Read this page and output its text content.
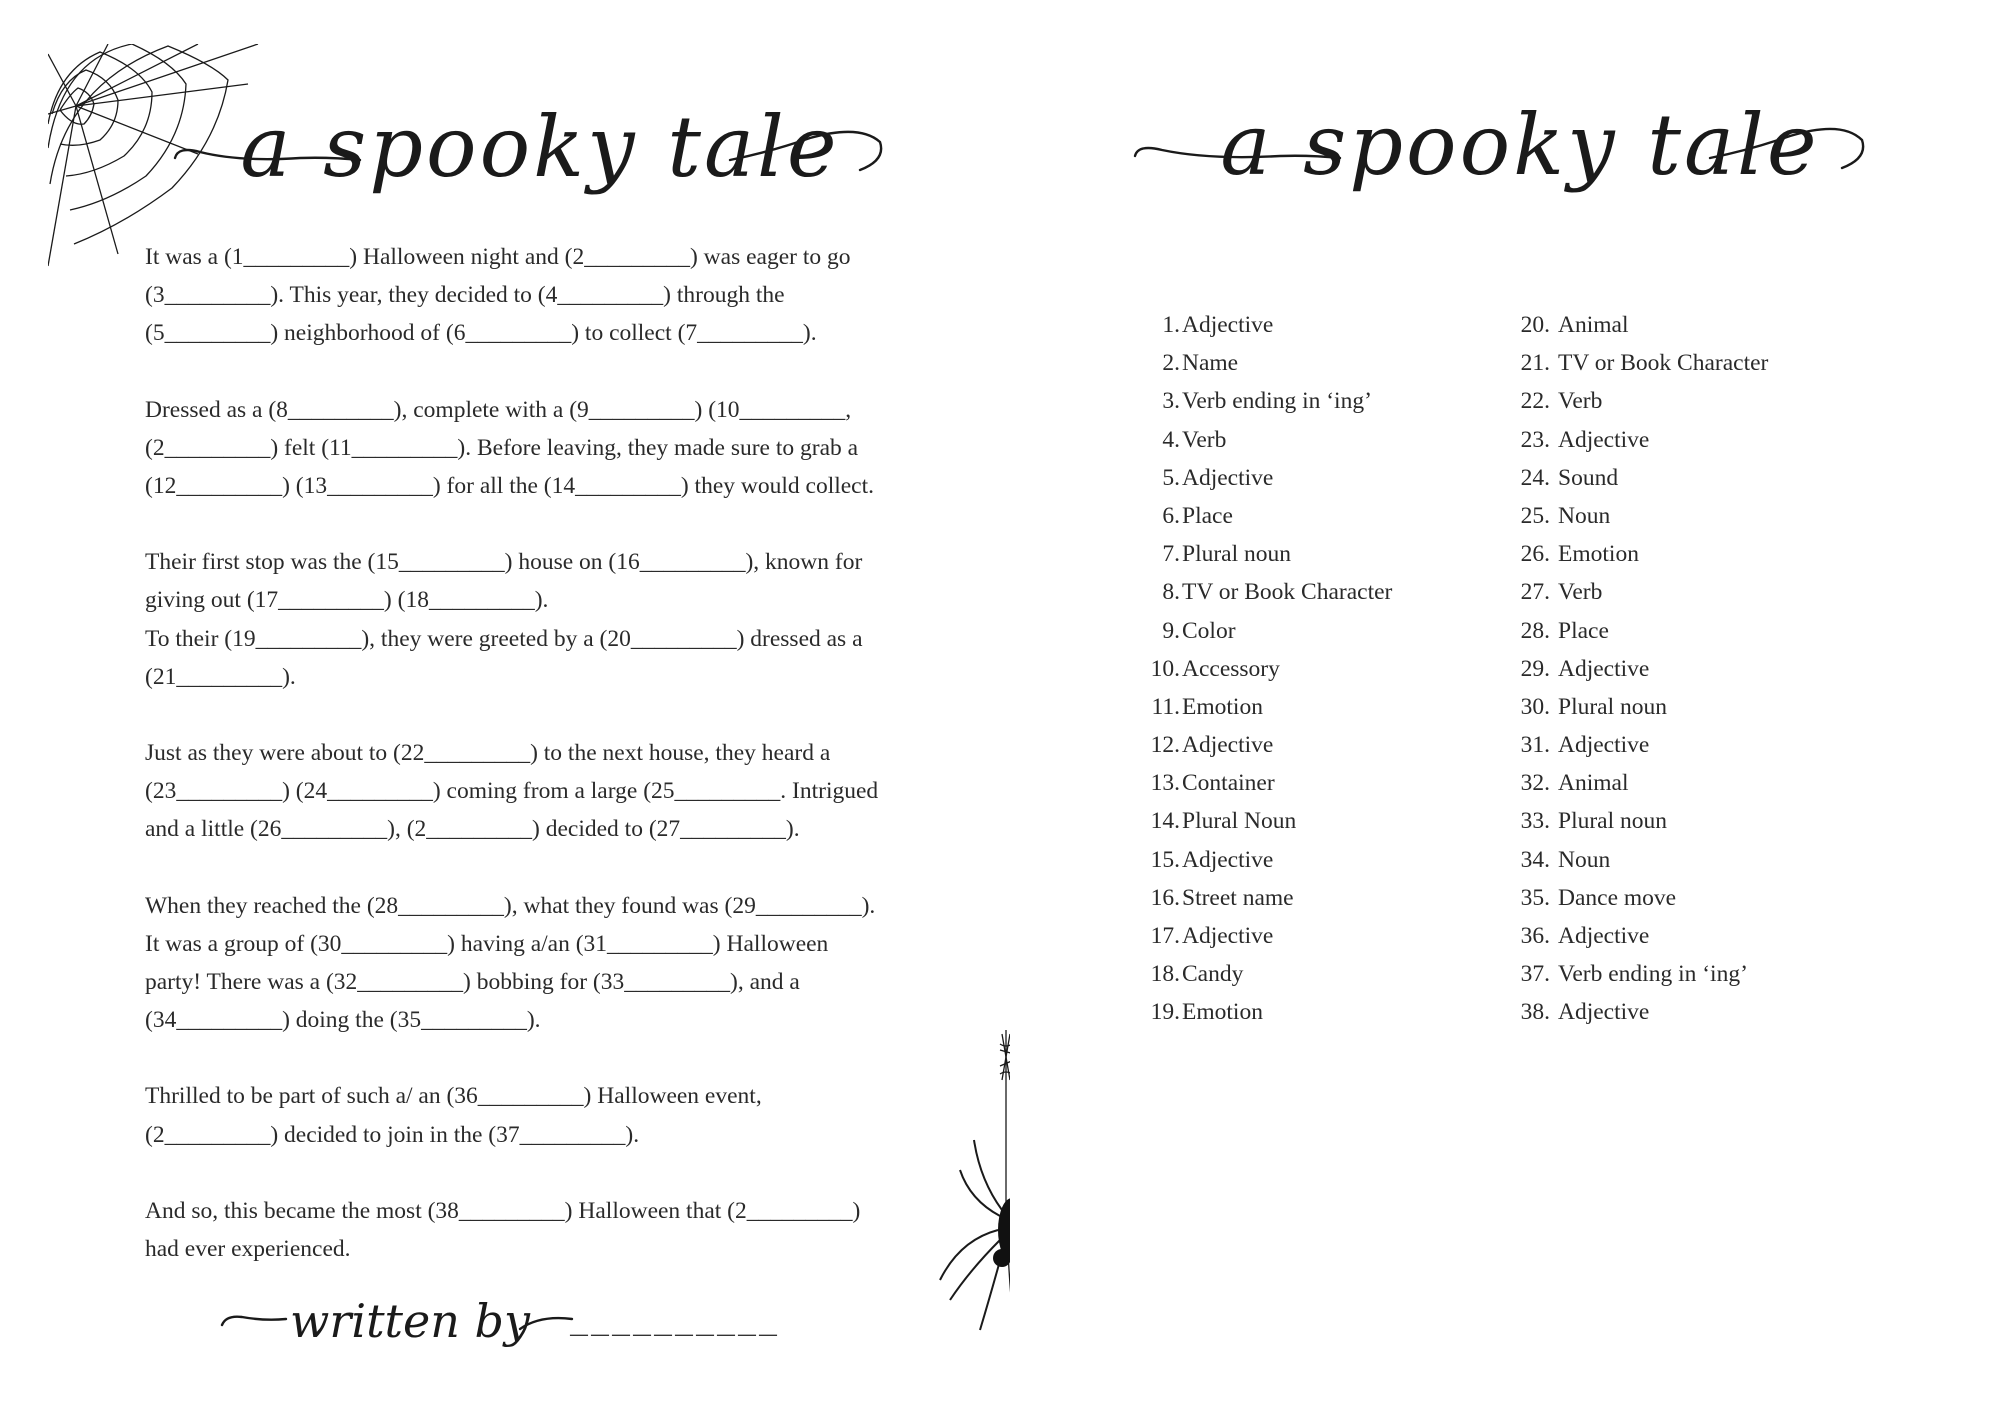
a spooky tale

It was a (1_________) Halloween night and (2_________) was eager to go
(3_________). This year, they decided to (4_________) through the
(5_________) neighborhood of (6_________) to collect (7_________).

Dressed as a (8_________), complete with a (9_________) (10_________,
(2_________) felt (11_________). Before leaving, they made sure to grab a
(12_________) (13_________) for all the (14_________) they would collect.

Their first stop was the (15_________) house on (16_________), known for
giving out (17_________) (18_________).
To their (19_________), they were greeted by a (20_________) dressed as a
(21_________).

Just as they were about to (22_________) to the next house, they heard a
(23_________) (24_________) coming from a large (25_________. Intrigued
and a little (26_________), (2_________) decided to (27_________).

When they reached the (28_________), what they found was (29_________).
It was a group of (30_________) having a/an (31_________) Halloween
party! There was a (32_________) bobbing for (33_________), and a
(34_________) doing the (35_________).

Thrilled to be part of such a/ an (36_________) Halloween event,
(2_________) decided to join in the (37_________).

And so, this became the most (38_________) Halloween that (2_________)
had ever experienced.

written by __________
a spooky tale
1.Adjective
2.Name
3.Verb ending in ‘ing’
4.Verb
5.Adjective
6.Place
7.Plural noun
8.TV or Book Character
9.Color
10.Accessory
11.Emotion
12.Adjective
13.Container
14.Plural Noun
15.Adjective
16.Street name
17.Adjective
18.Candy
19.Emotion
20. Animal
21. TV or Book Character
22. Verb
23. Adjective
24. Sound
25. Noun
26. Emotion
27. Verb
28. Place
29. Adjective
30. Plural noun
31. Adjective
32. Animal
33. Plural noun
34. Noun
35. Dance move
36. Adjective
37. Verb ending in ‘ing’
38. Adjective
